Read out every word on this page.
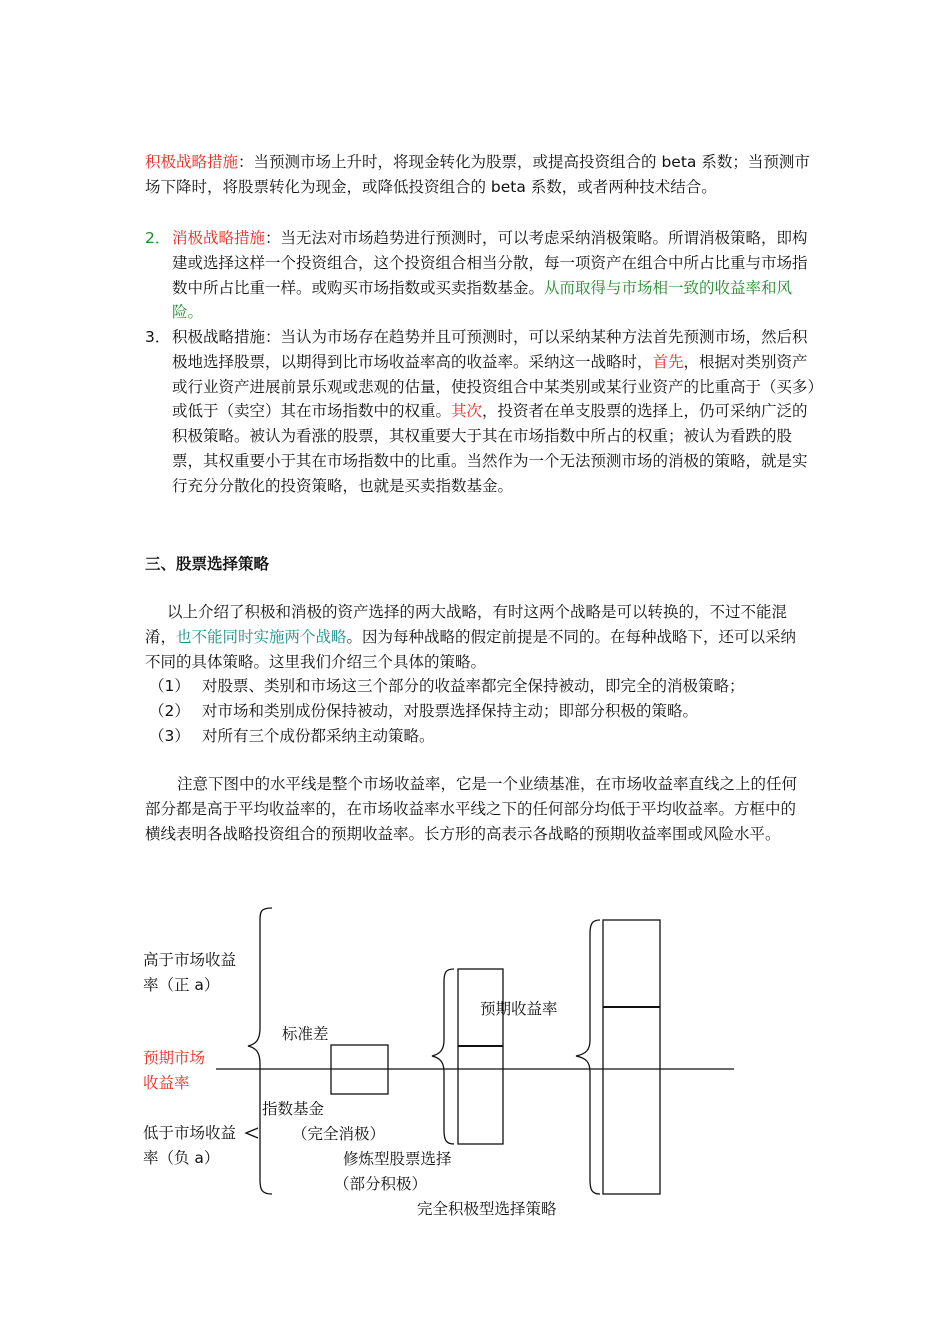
积极战略措施：当预测市场上升时，将现金转化为股票，或提高投资组合的 beta 系数；当预测市场下降时，将股票转化为现金，或降低投资组合的 beta 系数，或者两种技术结合。
2． 消极战略措施：当无法对市场趋势进行预测时，可以考虑采纳消极策略。所谓消极策略，即构建或选择这样一个投资组合，这个投资组合相当分散，每一项资产在组合中所占比重与市场指数中所占比重一样。或购买市场指数或买卖指数基金。从而取得与市场相一致的收益率和风险。
3． 积极战略措施：当认为市场存在趋势并且可预测时，可以采纳某种方法首先预测市场，然后积极地选择股票，以期得到比市场收益率高的收益率。采纳这一战略时，首先，根据对类别资产或行业资产进展前景乐观或悲观的估量，使投资组合中某类别或某行业资产的比重高于（买多）或低于（卖空）其在市场指数中的权重。其次，投资者在单支股票的选择上，仍可采纳广泛的积极策略。被认为看涨的股票，其权重要大于其在市场指数中所占的权重；被认为看跌的股票，其权重要小于其在市场指数中的比重。当然作为一个无法预测市场的消极的策略，就是实行充分分散化的投资策略，也就是买卖指数基金。
三、股票选择策略
以上介绍了积极和消极的资产选择的两大战略，有时这两个战略是可以转换的，不过不能混淆，也不能同时实施两个战略。因为每种战略的假定前提是不同的。在每种战略下，还可以采纳不同的具体策略。这里我们介绍三个具体的策略。
（1） 对股票、类别和市场这三个部分的收益率都完全保持被动，即完全的消极策略；
（2） 对市场和类别成份保持被动，对股票选择保持主动；即部分积极的策略。
（3） 对所有三个成份都采纳主动策略。
注意下图中的水平线是整个市场收益率，它是一个业绩基准，在市场收益率直线之上的任何部分都是高于平均收益率的，在市场收益率水平线之下的任何部分均低于平均收益率。方框中的横线表明各战略投资组合的预期收益率。长方形的高表示各战略的预期收益率围或风险水平。
高于市场收益
率（正 a）
预期市场
收益率
低于市场收益
率（负 a）
标准差
指数基金
（完全消极）
预期收益率
修炼型股票选择
（部分积极）
完全积极型选择策略
